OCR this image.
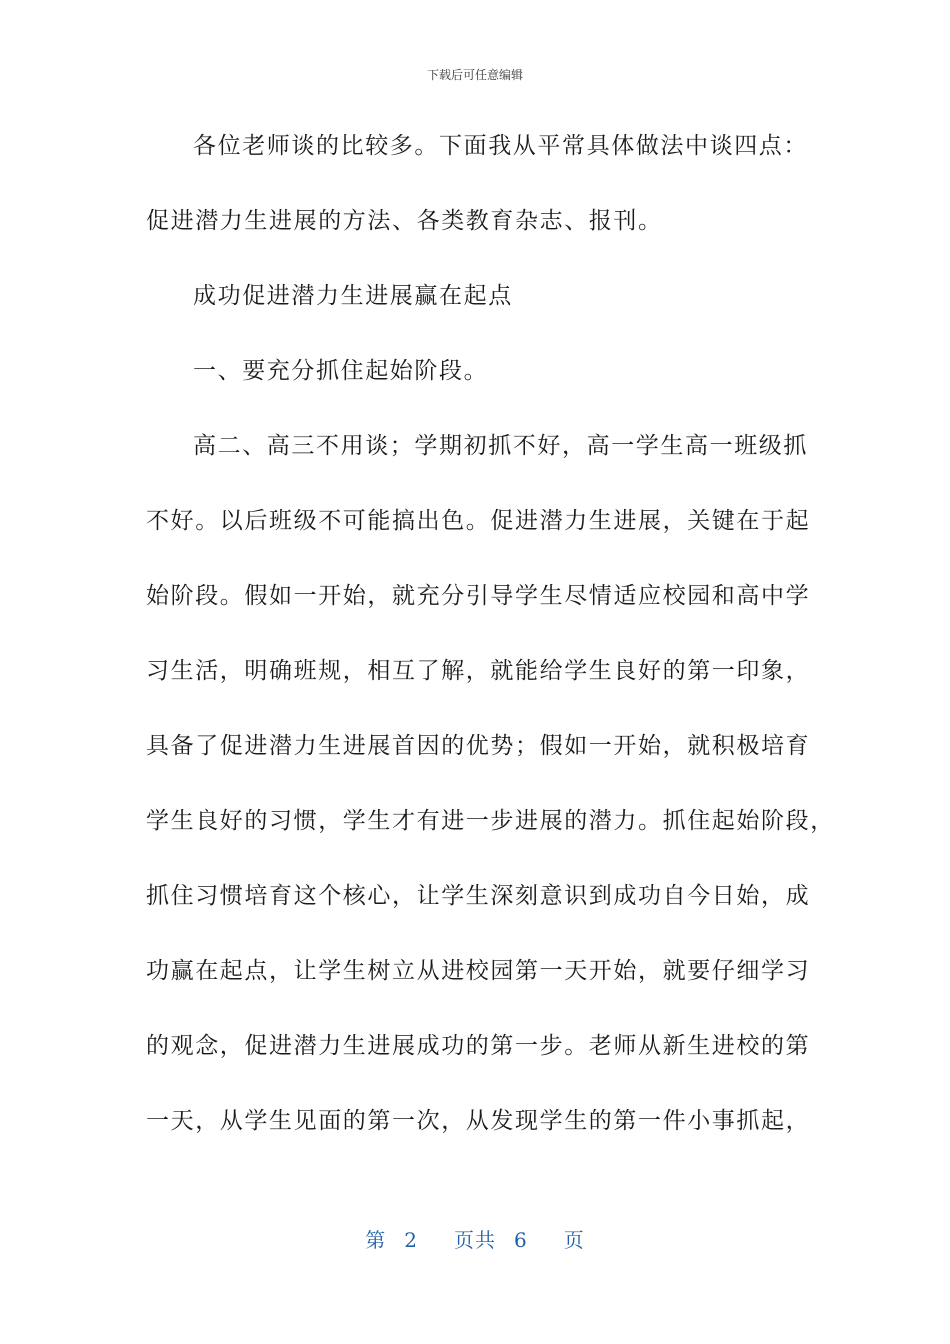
下载后可任意编辑
各位老师谈的比较多。下面我从平常具体做法中谈四点：
促进潜力生进展的方法、各类教育杂志、报刊。
成功促进潜力生进展赢在起点
一、要充分抓住起始阶段。
高二、高三不用谈；学期初抓不好，高一学生高一班级抓
不好。以后班级不可能搞出色。促进潜力生进展，关键在于起
始阶段。假如一开始，就充分引导学生尽情适应校园和高中学
习生活，明确班规，相互了解，就能给学生良好的第一印象，
具备了促进潜力生进展首因的优势；假如一开始，就积极培育
学生良好的习惯，学生才有进一步进展的潜力。抓住起始阶段，
抓住习惯培育这个核心，让学生深刻意识到成功自今日始，成
功赢在起点，让学生树立从进校园第一天开始，就要仔细学习
的观念，促进潜力生进展成功的第一步。老师从新生进校的第
一天，从学生见面的第一次，从发现学生的第一件小事抓起，
第 2 页共 6 页
